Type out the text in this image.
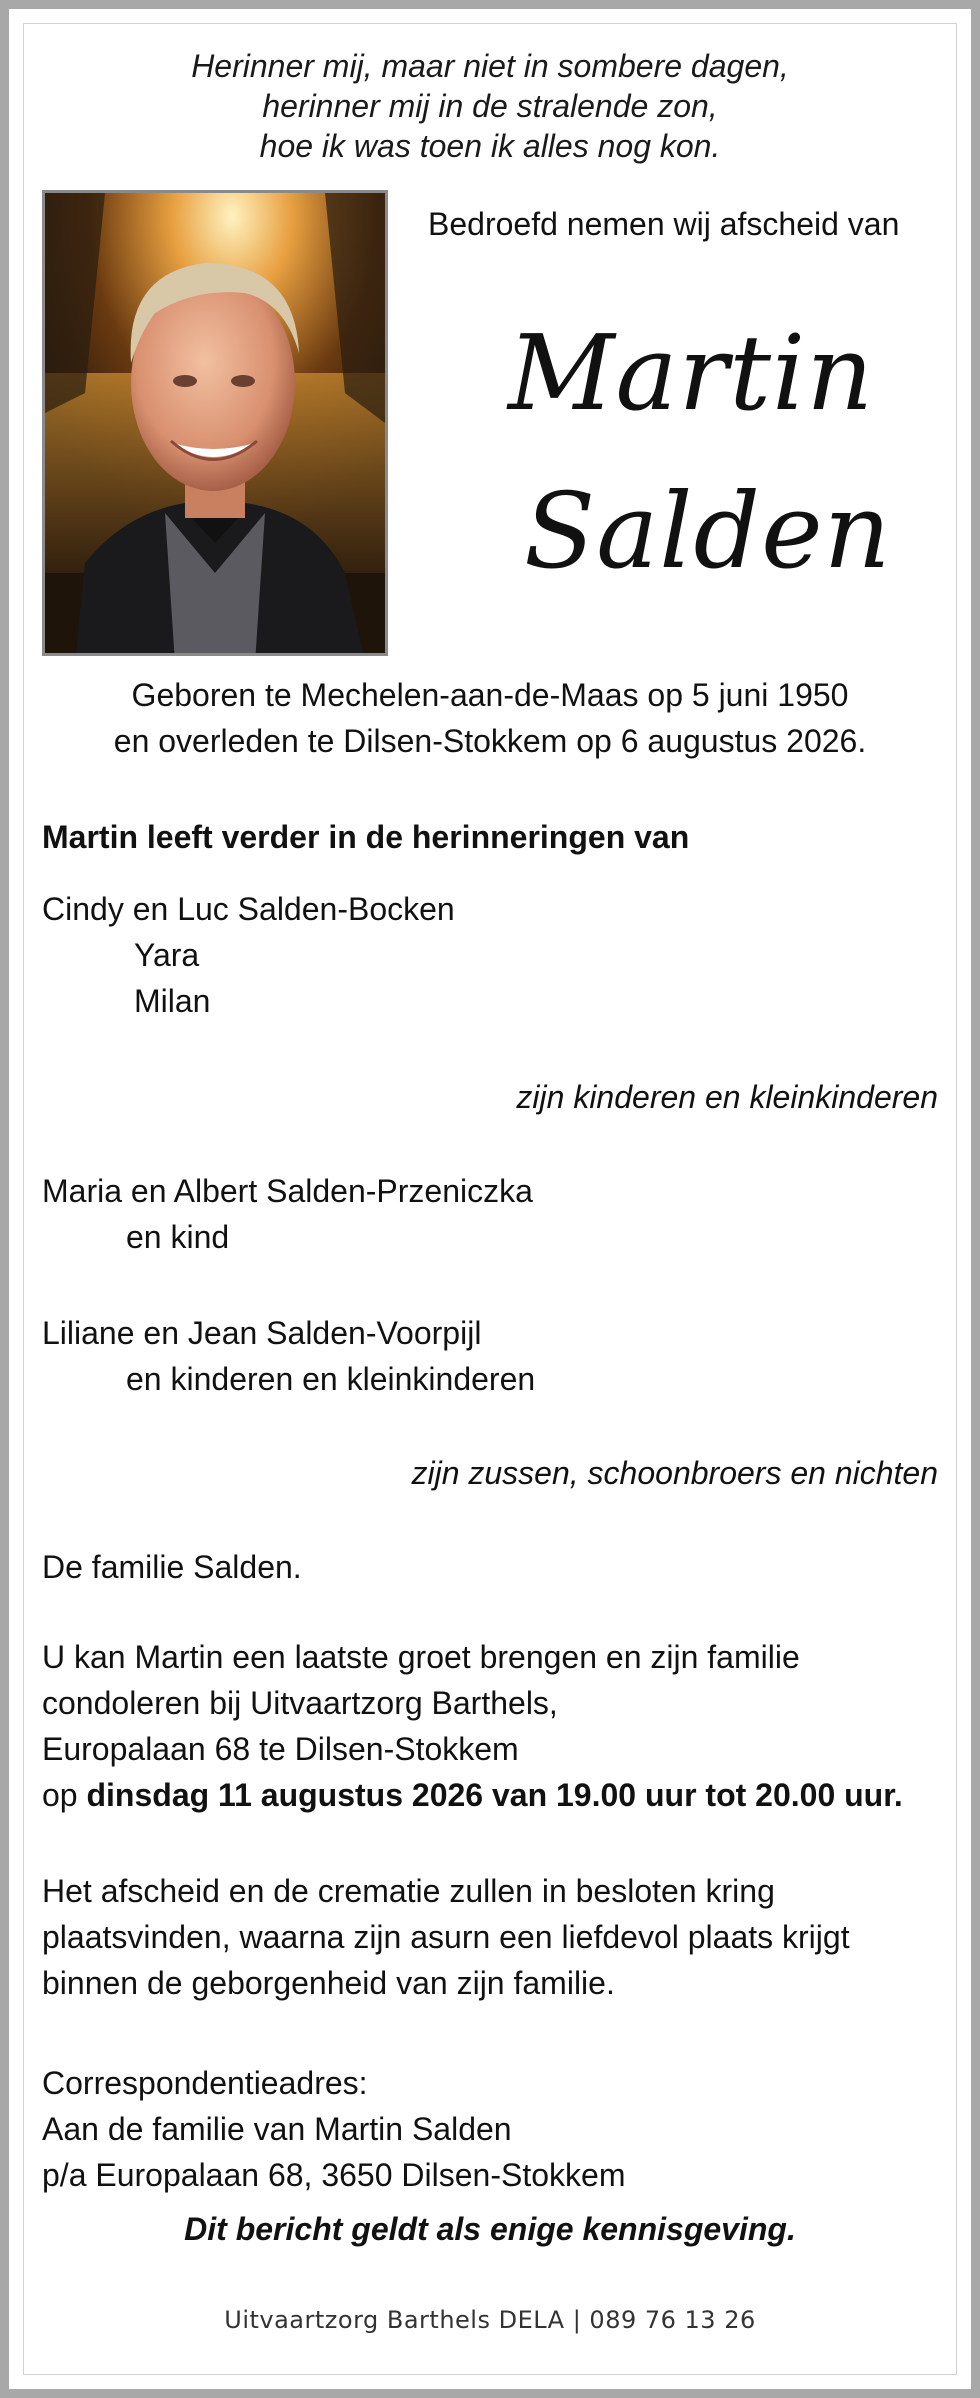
Herinner mij, maar niet in sombere dagen,
herinner mij in de stralende zon,
hoe ik was toen ik alles nog kon.
Bedroefd nemen wij afscheid van
Martin
Salden
Geboren te Mechelen-aan-de-Maas op 5 juni 1950
en overleden te Dilsen-Stokkem op 6 augustus 2026.
Martin leeft verder in de herinneringen van
Cindy en Luc Salden-Bocken
Yara
Milan
zijn kinderen en kleinkinderen
Maria en Albert Salden-Przeniczka
en kind
Liliane en Jean Salden-Voorpijl
en kinderen en kleinkinderen
zijn zussen, schoonbroers en nichten
De familie Salden.
U kan Martin een laatste groet brengen en zijn familie
condoleren bij Uitvaartzorg Barthels,
Europalaan 68 te Dilsen-Stokkem
op dinsdag 11 augustus 2026 van 19.00 uur tot 20.00 uur.
Het afscheid en de crematie zullen in besloten kring
plaatsvinden, waarna zijn asurn een liefdevol plaats krijgt
binnen de geborgenheid van zijn familie.
Correspondentieadres:
Aan de familie van Martin Salden
p/a Europalaan 68, 3650 Dilsen-Stokkem
Dit bericht geldt als enige kennisgeving.
Uitvaartzorg Barthels DELA | 089 76 13 26
